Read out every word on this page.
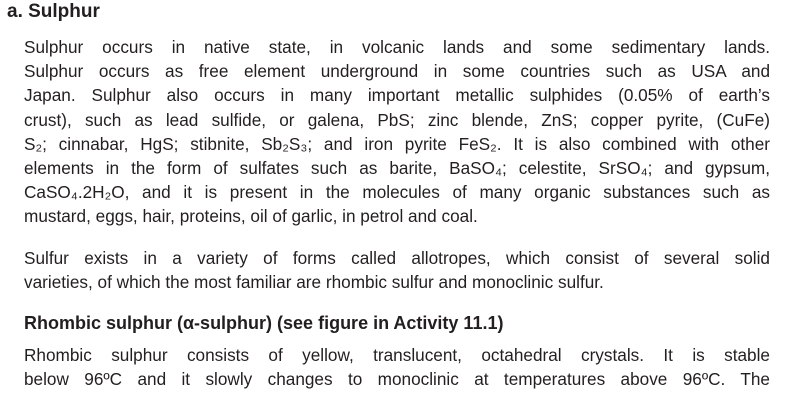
a. Sulphur
Sulphur occurs in native state, in volcanic lands and some sedimentary lands.
Sulphur occurs as free element underground in some countries such as USA and
Japan. Sulphur also occurs in many important metallic sulphides (0.05% of earth’s
crust), such as lead sulfide, or galena, PbS; zinc blende, ZnS; copper pyrite, (CuFe)
S₂; cinnabar, HgS; stibnite, Sb₂S₃; and iron pyrite FeS₂. It is also combined with other
elements in the form of sulfates such as barite, BaSO₄; celestite, SrSO₄; and gypsum,
CaSO₄.2H₂O, and it is present in the molecules of many organic substances such as
mustard, eggs, hair, proteins, oil of garlic, in petrol and coal.
Sulfur exists in a variety of forms called allotropes, which consist of several solid
varieties, of which the most familiar are rhombic sulfur and monoclinic sulfur.
Rhombic sulphur (α-sulphur) (see figure in Activity 11.1)
Rhombic sulphur consists of yellow, translucent, octahedral crystals. It is stable
below 96ºC and it slowly changes to monoclinic at temperatures above 96ºC. The
